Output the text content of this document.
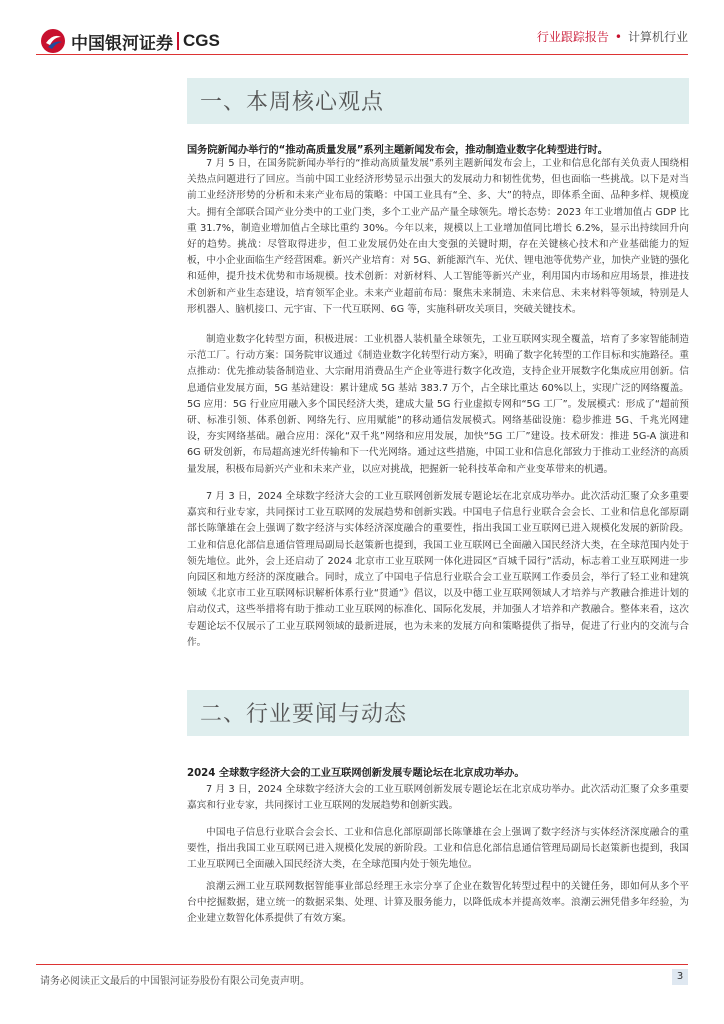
中国银河证券 CGS	行业跟踪报告 • 计算机行业
一、本周核心观点
国务院新闻办举行的“推动高质量发展”系列主题新闻发布会，推动制造业数字化转型进行时。
7 月 5 日，在国务院新闻办举行的“推动高质量发展”系列主题新闻发布会上，工业和信息化部有关负责人围绕相关热点问题进行了回应。当前中国工业经济形势显示出强大的发展动力和韧性优势，但也面临一些挑战。以下是对当前工业经济形势的分析和未来产业布局的策略：中国工业具有“全、多、大”的特点，即体系全面、品种多样、规模庞大。拥有全部联合国产业分类中的工业门类，多个工业产品产量全球领先。增长态势：2023 年工业增加值占 GDP 比重 31.7%，制造业增加值占全球比重约 30%。今年以来，规模以上工业增加值同比增长 6.2%，显示出持续回升向好的趋势。挑战：尽管取得进步，但工业发展仍处在由大变强的关键时期，存在关键核心技术和产业基础能力的短板，中小企业面临生产经营困难。新兴产业培育：对 5G、新能源汽车、光伏、锂电池等优势产业，加快产业链的强化和延伸，提升技术优势和市场规模。技术创新：对新材料、人工智能等新兴产业，利用国内市场和应用场景，推进技术创新和产业生态建设，培育领军企业。未来产业超前布局：聚焦未来制造、未来信息、未来材料等领域，特别是人形机器人、脑机接口、元宇宙、下一代互联网、6G 等，实施科研攻关项目，突破关键技术。
制造业数字化转型方面，积极进展：工业机器人装机量全球领先，工业互联网实现全覆盖，培育了多家智能制造示范工厂。行动方案：国务院审议通过《制造业数字化转型行动方案》，明确了数字化转型的工作目标和实施路径。重点推动：优先推动装备制造业、大宗耐用消费品生产企业等进行数字化改造，支持企业开展数字化集成应用创新。信息通信业发展方面，5G 基站建设：累计建成 5G 基站 383.7 万个，占全球比重达 60%以上，实现广泛的网络覆盖。5G 应用：5G 行业应用融入多个国民经济大类，建成大量 5G 行业虚拟专网和“5G 工厂”。发展模式：形成了“超前预研、标准引领、体系创新、网络先行、应用赋能”的移动通信发展模式。网络基础设施：稳步推进 5G、千兆光网建设，夯实网络基础。融合应用：深化“双千兆”网络和应用发展，加快“5G 工厂”建设。技术研发：推进 5G-A 演进和 6G 研发创新，布局超高速光纤传输和下一代光网络。通过这些措施，中国工业和信息化部致力于推动工业经济的高质量发展，积极布局新兴产业和未来产业，以应对挑战，把握新一轮科技革命和产业变革带来的机遇。
7 月 3 日，2024 全球数字经济大会的工业互联网创新发展专题论坛在北京成功举办。此次活动汇聚了众多重要嘉宾和行业专家，共同探讨工业互联网的发展趋势和创新实践。中国电子信息行业联合会会长、工业和信息化部原副部长陈肇雄在会上强调了数字经济与实体经济深度融合的重要性，指出我国工业互联网已进入规模化发展的新阶段。工业和信息化部信息通信管理局副局长赵策新也提到，我国工业互联网已全面融入国民经济大类，在全球范围内处于领先地位。此外，会上还启动了 2024 北京市工业互联网一体化进园区“百城千园行”活动，标志着工业互联网进一步向园区和地方经济的深度融合。同时，成立了中国电子信息行业联合会工业互联网工作委员会，举行了轻工业和建筑领域《北京市工业互联网标识解析体系行业“贯通”》倡议，以及中德工业互联网领域人才培养与产教融合推进计划的启动仪式，这些举措将有助于推动工业互联网的标准化、国际化发展，并加强人才培养和产教融合。整体来看，这次专题论坛不仅展示了工业互联网领域的最新进展，也为未来的发展方向和策略提供了指导，促进了行业内的交流与合作。
二、行业要闻与动态
2024 全球数字经济大会的工业互联网创新发展专题论坛在北京成功举办。
7 月 3 日，2024 全球数字经济大会的工业互联网创新发展专题论坛在北京成功举办。此次活动汇聚了众多重要嘉宾和行业专家，共同探讨工业互联网的发展趋势和创新实践。
中国电子信息行业联合会会长、工业和信息化部原副部长陈肇雄在会上强调了数字经济与实体经济深度融合的重要性，指出我国工业互联网已进入规模化发展的新阶段。工业和信息化部信息通信管理局副局长赵策新也提到，我国工业互联网已全面融入国民经济大类，在全球范围内处于领先地位。
浪潮云洲工业互联网数据智能事业部总经理王永宗分享了企业在数智化转型过程中的关键任务，即如何从多个平台中挖掘数据，建立统一的数据采集、处理、计算及服务能力，以降低成本并提高效率。浪潮云洲凭借多年经验，为企业建立数智化体系提供了有效方案。
请务必阅读正文最后的中国银河证券股份有限公司免责声明。	3
